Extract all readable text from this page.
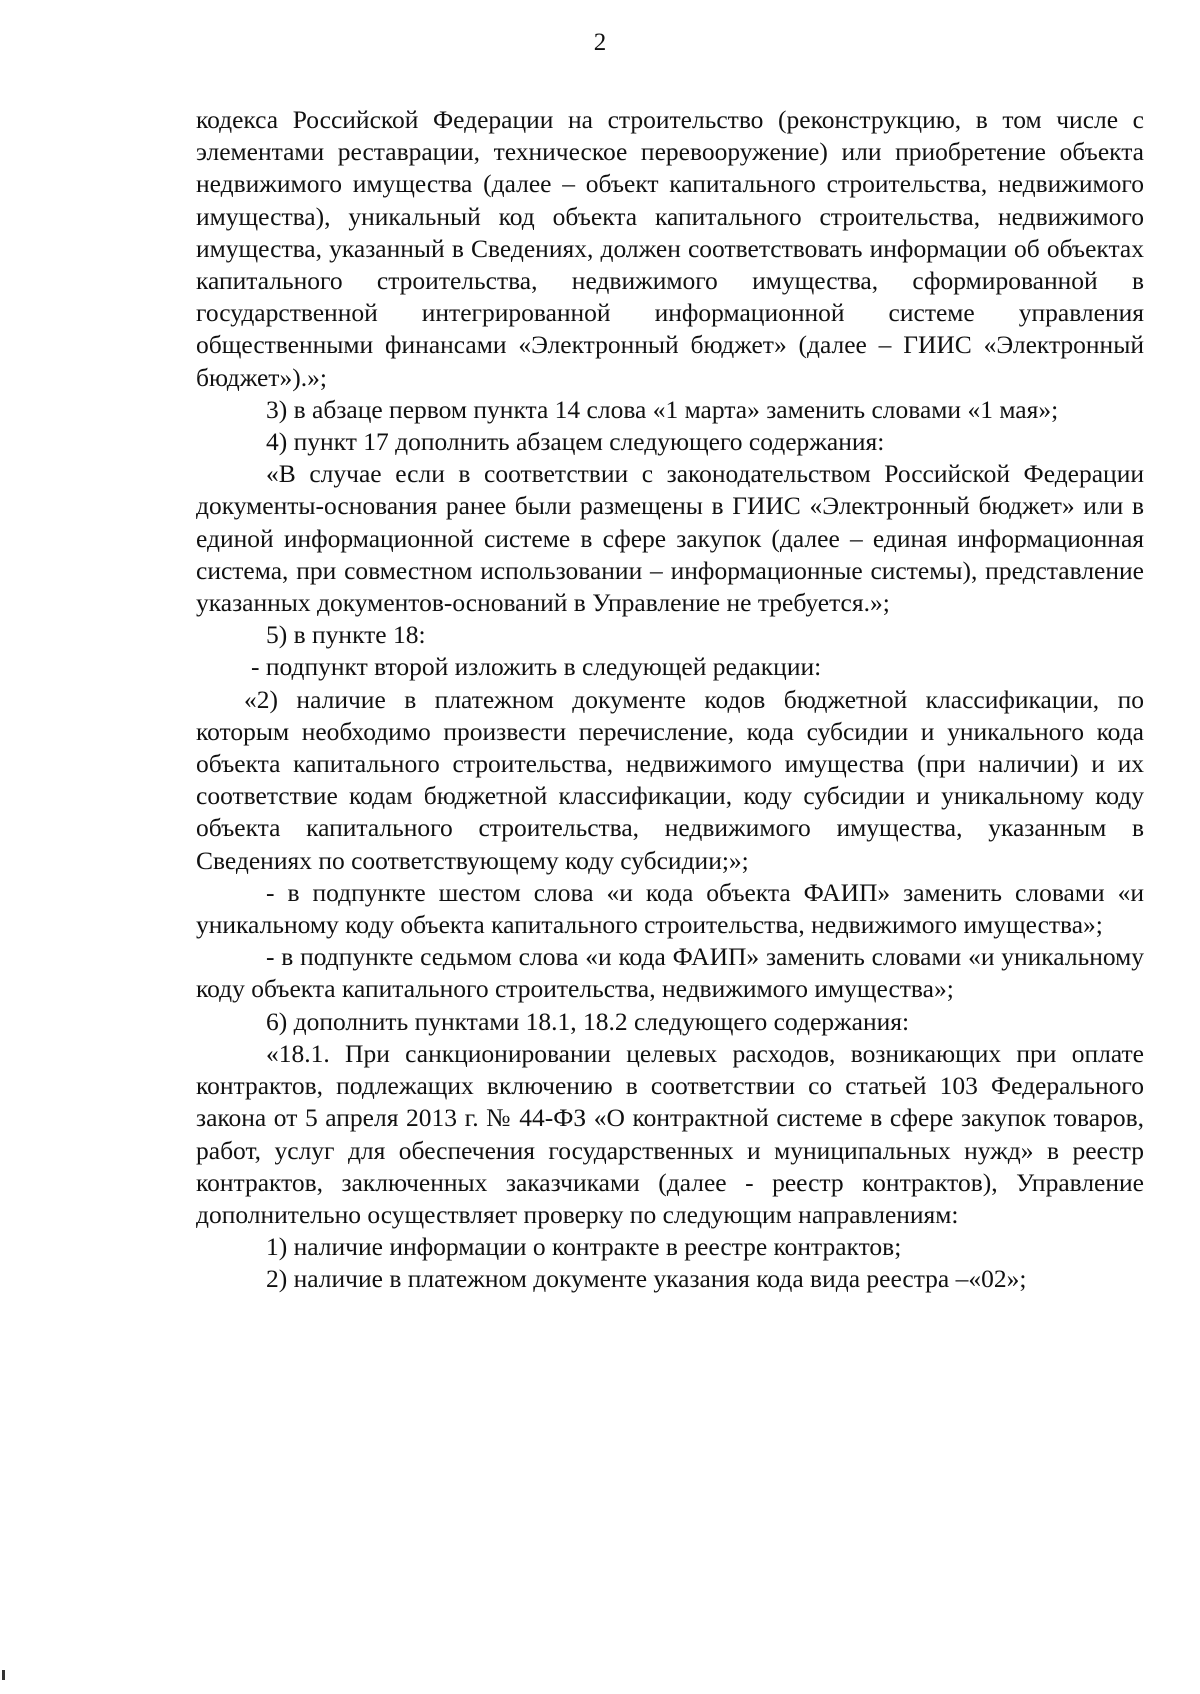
2

кодекса Российской Федерации на строительство (реконструкцию, в том числе с элементами реставрации, техническое перевооружение) или приобретение объекта недвижимого имущества (далее – объект капитального строительства, недвижимого имущества), уникальный код объекта капитального строительства, недвижимого имущества, указанный в Сведениях, должен соответствовать информации об объектах капитального строительства, недвижимого имущества, сформированной в государственной интегрированной информационной системе управления общественными финансами «Электронный бюджет» (далее – ГИИС «Электронный бюджет»).»;

3) в абзаце первом пункта 14 слова «1 марта» заменить словами «1 мая»;

4) пункт 17 дополнить абзацем следующего содержания:

«В случае если в соответствии с законодательством Российской Федерации документы-основания ранее были размещены в ГИИС «Электронный бюджет» или в единой информационной системе в сфере закупок (далее – единая информационная система, при совместном использовании – информационные системы), представление указанных документов-оснований в Управление не требуется.»;

5) в пункте 18:

- подпункт второй изложить в следующей редакции:

«2) наличие в платежном документе кодов бюджетной классификации, по которым необходимо произвести перечисление, кода субсидии и уникального кода объекта капитального строительства, недвижимого имущества (при наличии) и их соответствие кодам бюджетной классификации, коду субсидии и уникальному коду объекта капитального строительства, недвижимого имущества, указанным в Сведениях по соответствующему коду субсидии;»;

- в подпункте шестом слова «и кода объекта ФАИП» заменить словами «и уникальному коду объекта капитального строительства, недвижимого имущества»;

- в подпункте седьмом слова «и кода ФАИП» заменить словами «и уникальному коду объекта капитального строительства, недвижимого имущества»;

6) дополнить пунктами 18.1, 18.2 следующего содержания:

«18.1. При санкционировании целевых расходов, возникающих при оплате контрактов, подлежащих включению в соответствии со статьей 103 Федерального закона от 5 апреля 2013 г. № 44-ФЗ «О контрактной системе в сфере закупок товаров, работ, услуг для обеспечения государственных и муниципальных нужд» в реестр контрактов, заключенных заказчиками (далее - реестр контрактов), Управление дополнительно осуществляет проверку по следующим направлениям:

1) наличие информации о контракте в реестре контрактов;

2) наличие в платежном документе указания кода вида реестра –«02»;
